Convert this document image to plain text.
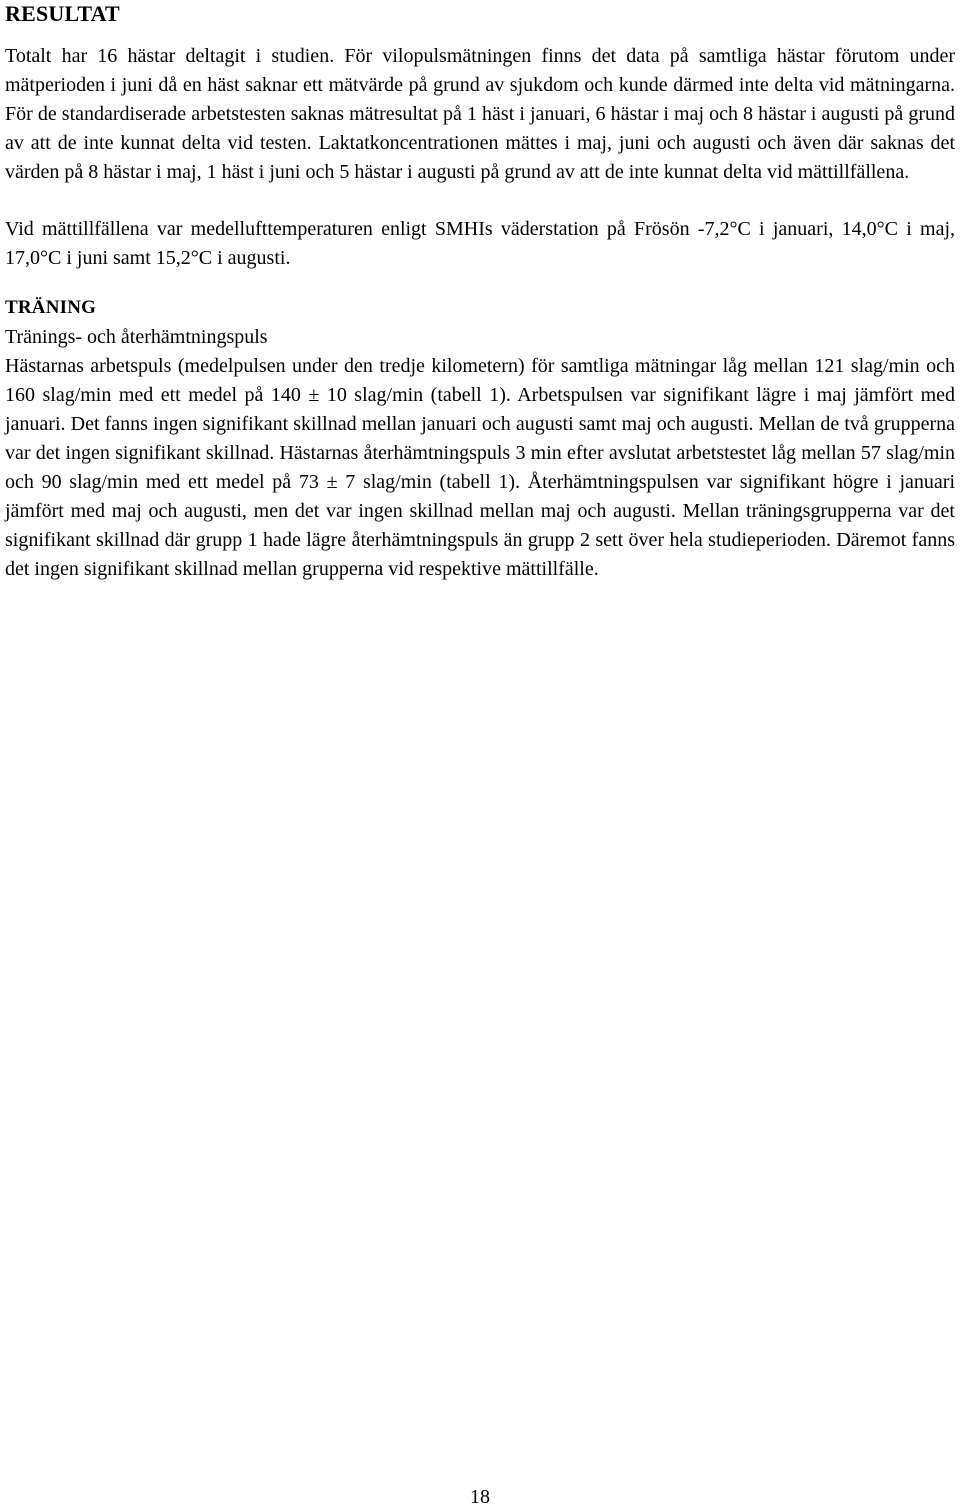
RESULTAT

Totalt har 16 hästar deltagit i studien. För vilopulsmätningen finns det data på samtliga hästar förutom under mätperioden i juni då en häst saknar ett mätvärde på grund av sjukdom och kunde därmed inte delta vid mätningarna. För de standardiserade arbetstesten saknas mätresultat på 1 häst i januari, 6 hästar i maj och 8 hästar i augusti på grund av att de inte kunnat delta vid testen. Laktatkoncentrationen mättes i maj, juni och augusti och även där saknas det värden på 8 hästar i maj, 1 häst i juni och 5 hästar i augusti på grund av att de inte kunnat delta vid mättillfällena.

Vid mättillfällena var medellufttemperaturen enligt SMHIs väderstation på Frösön -7,2°C i januari, 14,0°C i maj, 17,0°C i juni samt 15,2°C i augusti.

TRÄNING
Tränings- och återhämtningspuls

Hästarnas arbetspuls (medelpulsen under den tredje kilometern) för samtliga mätningar låg mellan 121 slag/min och 160 slag/min med ett medel på 140 ± 10 slag/min (tabell 1). Arbetspulsen var signifikant lägre i maj jämfört med januari. Det fanns ingen signifikant skillnad mellan januari och augusti samt maj och augusti. Mellan de två grupperna var det ingen signifikant skillnad. Hästarnas återhämtningspuls 3 min efter avslutat arbetstestet låg mellan 57 slag/min och 90 slag/min med ett medel på 73 ± 7 slag/min (tabell 1). Återhämtningspulsen var signifikant högre i januari jämfört med maj och augusti, men det var ingen skillnad mellan maj och augusti. Mellan träningsgrupperna var det signifikant skillnad där grupp 1 hade lägre återhämtningspuls än grupp 2 sett över hela studieperioden. Däremot fanns det ingen signifikant skillnad mellan grupperna vid respektive mättillfälle.

18
